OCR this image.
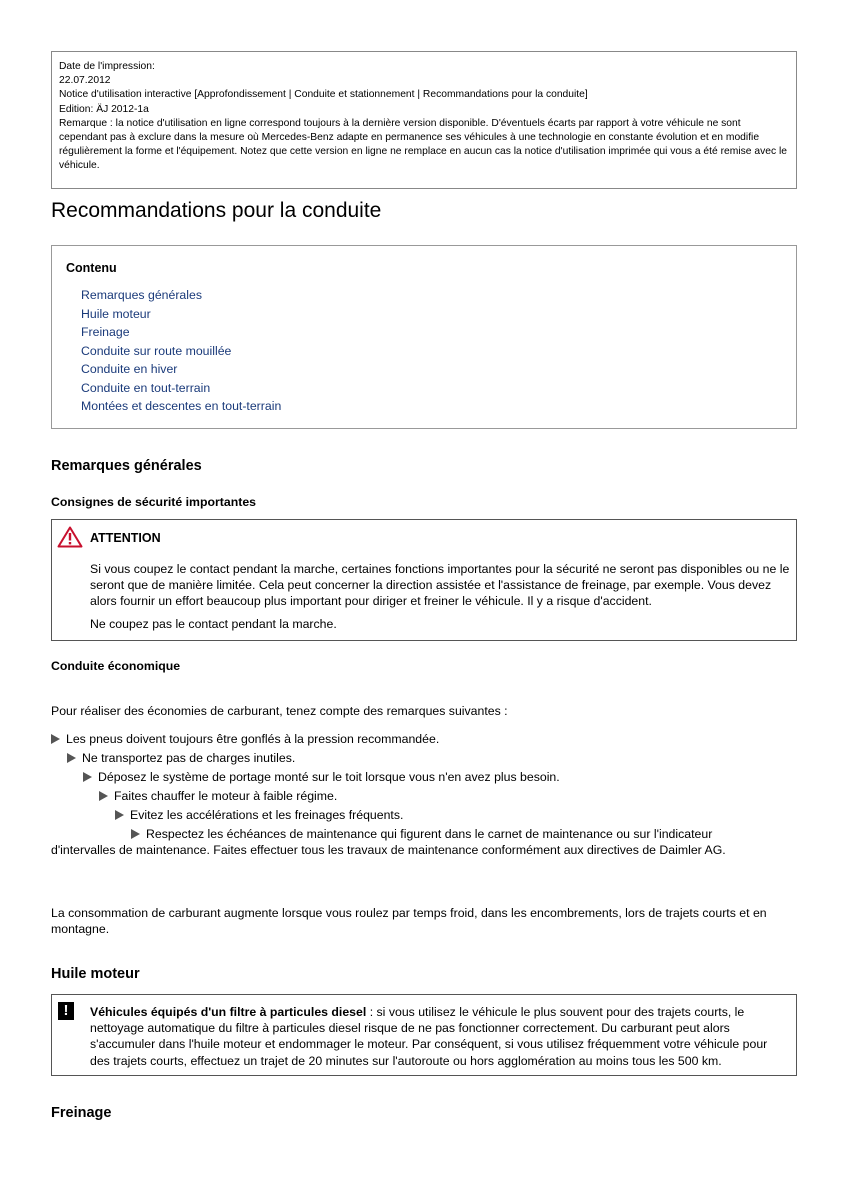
Date de l'impression:
22.07.2012
Notice d'utilisation interactive [Approfondissement | Conduite et stationnement | Recommandations pour la conduite]
Edition: ÄJ 2012-1a
Remarque : la notice d'utilisation en ligne correspond toujours à la dernière version disponible. D'éventuels écarts par rapport à votre véhicule ne sont cependant pas à exclure dans la mesure où Mercedes-Benz adapte en permanence ses véhicules à une technologie en constante évolution et en modifie régulièrement la forme et l'équipement. Notez que cette version en ligne ne remplace en aucun cas la notice d'utilisation imprimée qui vous a été remise avec le véhicule.
Recommandations pour la conduite
Contenu
Remarques générales
Huile moteur
Freinage
Conduite sur route mouillée
Conduite en hiver
Conduite en tout-terrain
Montées et descentes en tout-terrain
Remarques générales
Consignes de sécurité importantes
ATTENTION

Si vous coupez le contact pendant la marche, certaines fonctions importantes pour la sécurité ne seront pas disponibles ou ne le seront que de manière limitée. Cela peut concerner la direction assistée et l'assistance de freinage, par exemple. Vous devez alors fournir un effort beaucoup plus important pour diriger et freiner le véhicule. Il y a risque d'accident.

Ne coupez pas le contact pendant la marche.

Conduite économique

Pour réaliser des économies de carburant, tenez compte des remarques suivantes :

Les pneus doivent toujours être gonflés à la pression recommandée.
Ne transportez pas de charges inutiles.
Déposez le système de portage monté sur le toit lorsque vous n'en avez plus besoin.
Faites chauffer le moteur à faible régime.
Evitez les accélérations et les freinages fréquents.
Respectez les échéances de maintenance qui figurent dans le carnet de maintenance ou sur l'indicateur d'intervalles de maintenance. Faites effectuer tous les travaux de maintenance conformément aux directives de Daimler AG.

La consommation de carburant augmente lorsque vous roulez par temps froid, dans les encombrements, lors de trajets courts et en montagne.

Huile moteur
!	Véhicules équipés d'un filtre à particules diesel : si vous utilisez le véhicule le plus souvent pour des trajets courts, le nettoyage automatique du filtre à particules diesel risque de ne pas fonctionner correctement. Du carburant peut alors s'accumuler dans l'huile moteur et endommager le moteur. Par conséquent, si vous utilisez fréquemment votre véhicule pour des trajets courts, effectuez un trajet de 20 minutes sur l'autoroute ou hors agglomération au moins tous les 500 km.
Freinage
